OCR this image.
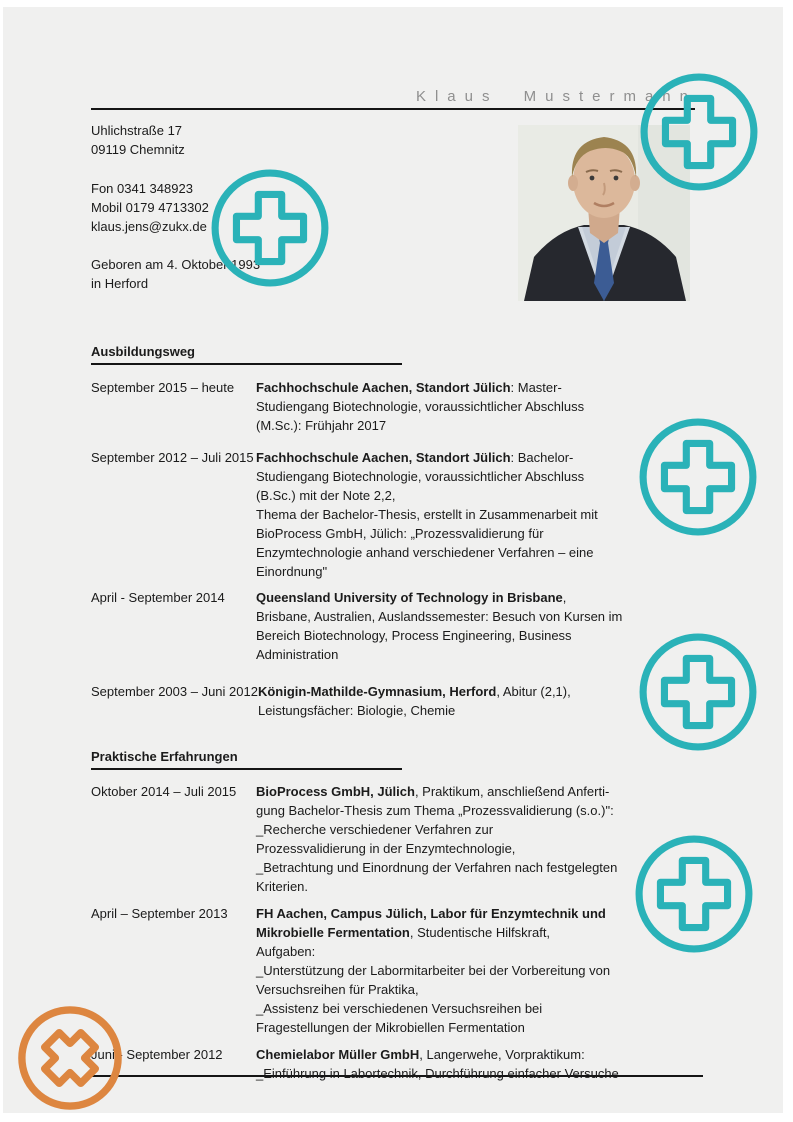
Klaus Mustermann
Uhlichstraße 17
09119 Chemnitz
Fon 0341 348923
Mobil 0179 4713302
klaus.jens@zukx.de
Geboren am 4. Oktober 1993
in Herford
Ausbildungsweg
September 2015 – heute	Fachhochschule Aachen, Standort Jülich: Master-
Studiengang Biotechnologie, voraussichtlicher Abschluss
(M.Sc.): Frühjahr 2017
September 2012 – Juli 2015 Fachhochschule Aachen, Standort Jülich: Bachelor-
Studiengang Biotechnologie, voraussichtlicher Abschluss
(B.Sc.) mit der Note 2,2,
Thema der Bachelor-Thesis, erstellt in Zusammenarbeit mit
BioProcess GmbH, Jülich: „Prozessvalidierung für
Enzymtechnologie anhand verschiedener Verfahren – eine
Einordnung"
April - September 2014	Queensland University of Technology in Brisbane,
Brisbane, Australien, Auslandssemester: Besuch von Kursen im
Bereich Biotechnology, Process Engineering, Business
Administration
September 2003 – Juni 2012 Königin-Mathilde-Gymnasium, Herford, Abitur (2,1),
Leistungsfächer: Biologie, Chemie
Praktische Erfahrungen
Oktober 2014 – Juli 2015	BioProcess GmbH, Jülich, Praktikum, anschließend Anferti-
gung Bachelor-Thesis zum Thema „Prozessvalidierung (s.o.)":
_Recherche verschiedener Verfahren zur
Prozessvalidierung in der Enzymtechnologie,
_Betrachtung und Einordnung der Verfahren nach festgelegten
Kriterien.
April – September 2013	FH Aachen, Campus Jülich, Labor für Enzymtechnik und
Mikrobielle Fermentation, Studentische Hilfskraft,
Aufgaben:
_Unterstützung der Labormitarbeiter bei der Vorbereitung von
Versuchsreihen für Praktika,
_Assistenz bei verschiedenen Versuchsreihen bei
Fragestellungen der Mikrobiellen Fermentation
Juni - September 2012	Chemielabor Müller GmbH, Langerwehe, Vorpraktikum:
_Einführung in Labortechnik, Durchführung einfacher Versuche
